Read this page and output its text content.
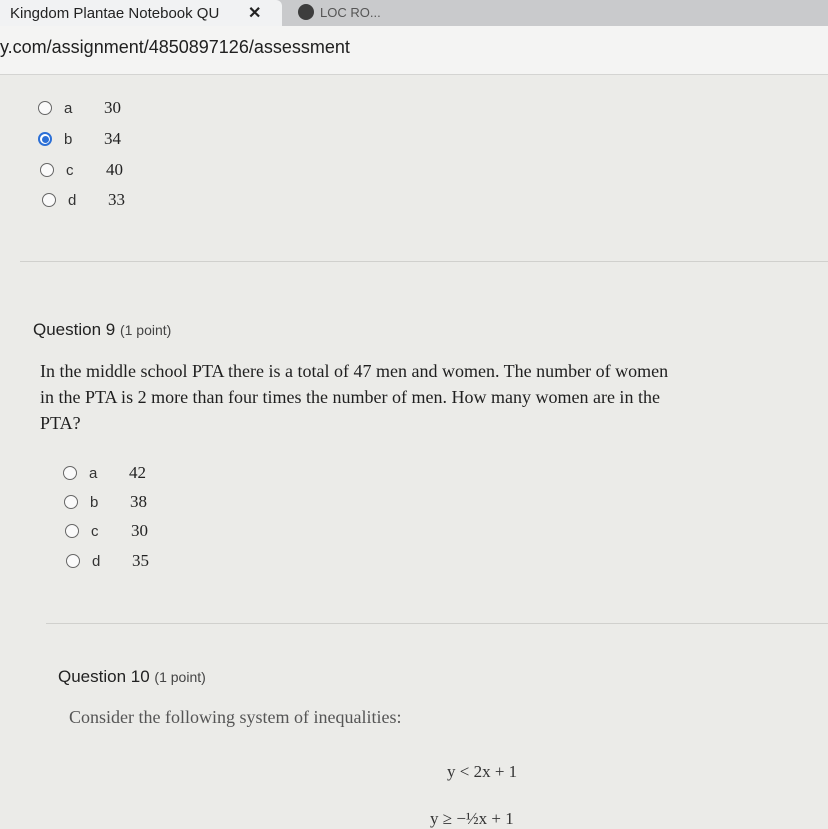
Kingdom Plantae Notebook QU	✕	LOC RO...
y.com/assignment/4850897126/assessment
a	30
b	34
c	40
d	33
Question 9 (1 point)
In the middle school PTA there is a total of 47 men and women. The number of women
in the PTA is 2 more than four times the number of men. How many women are in the
PTA?
a	42
b	38
c	30
d	35
Question 10 (1 point)
Consider the following system of inequalities:
y < 2x + 1
y ≥ −½x + 1
